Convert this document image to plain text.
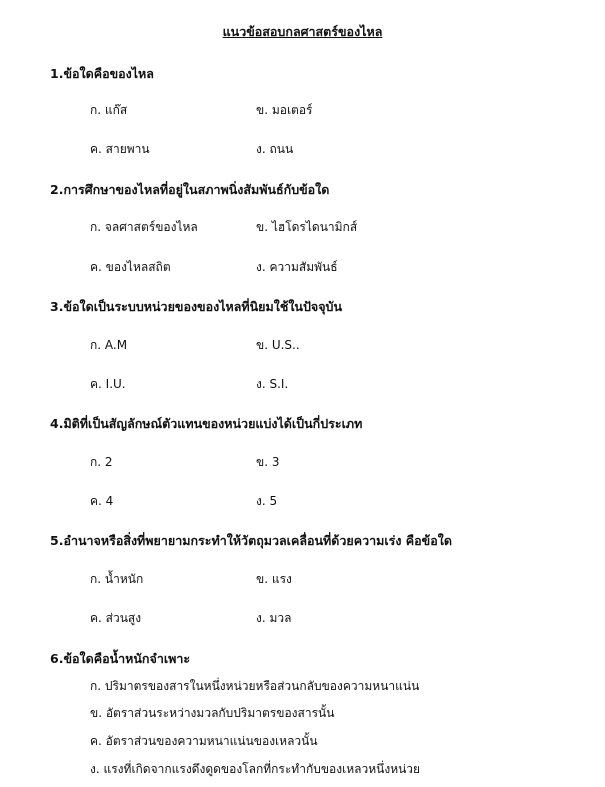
แนวข้อสอบกลศาสตร์ของไหล
1.ข้อใดคือของไหล
ก. แก๊ส	ข. มอเตอร์
ค. สายพาน	ง. ถนน
2.การศึกษาของไหลที่อยู่ในสภาพนิ่งสัมพันธ์กับข้อใด
ก. จลศาสตร์ของไหล	ข. ไฮโดรไดนามิกส์
ค. ของไหลสถิต	ง. ความสัมพันธ์
3.ข้อใดเป็นระบบหน่วยของของไหลที่นิยมใช้ในปัจจุบัน
ก. A.M	ข. U.S..
ค. I.U.	ง. S.I.
4.มิติที่เป็นสัญลักษณ์ตัวแทนของหน่วยแบ่งได้เป็นกี่ประเภท
ก. 2	ข. 3
ค. 4	ง. 5
5.อำนาจหรือสิ่งที่พยายามกระทำให้วัตถุมวลเคลื่อนที่ด้วยความเร่ง คือข้อใด
ก. น้ำหนัก	ข. แรง
ค. ส่วนสูง	ง. มวล
6.ข้อใดคือน้ำหนักจำเพาะ
ก. ปริมาตรของสารในหนึ่งหน่วยหรือส่วนกลับของความหนาแน่น
ข. อัตราส่วนระหว่างมวลกับปริมาตรของสารนั้น
ค. อัตราส่วนของความหนาแน่นของเหลวนั้น
ง. แรงที่เกิดจากแรงดึงดูดของโลกที่กระทำกับของเหลวหนึ่งหน่วย
